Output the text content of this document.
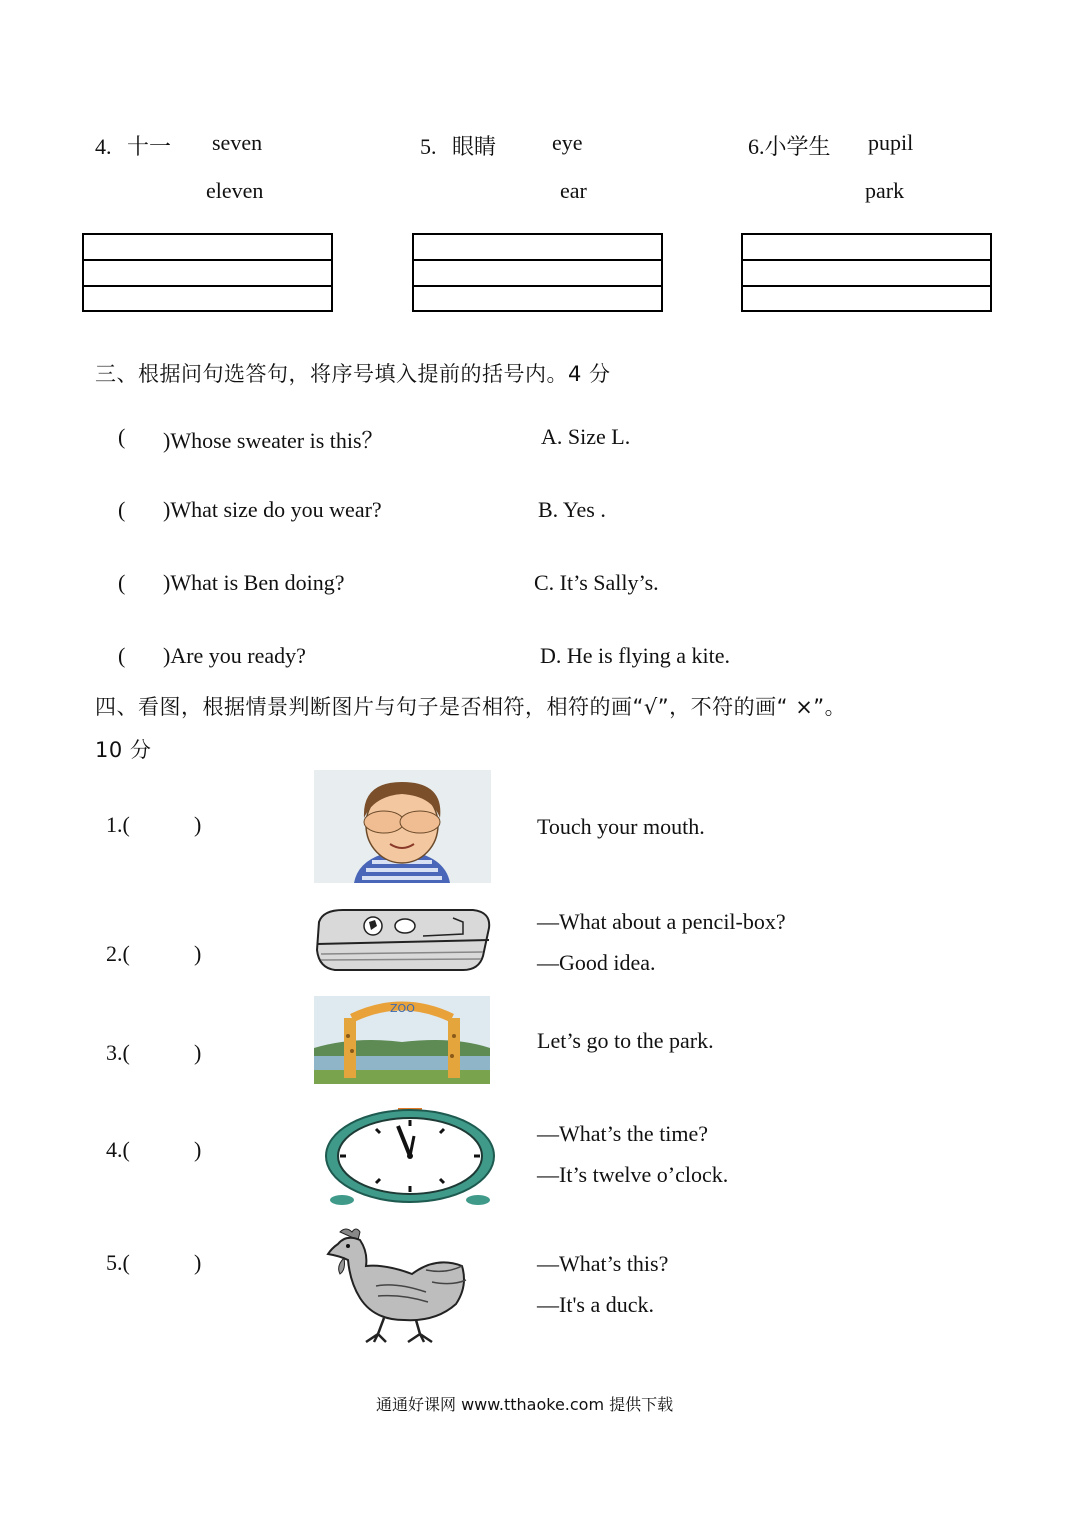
4. 十一 seven
eleven
5. 眼睛	eye
ear
6.小学生 pupil
park
三、根据问句选答句，将序号填入提前的括号内。4 分
( )Whose sweater is this？	A. Size L.
( )What size do you wear?	B. Yes .
( )What is Ben doing?	C. It’s Sally’s.
( )Are you ready?	D. He is flying a kite.
四、看图，根据情景判断图片与句子是否相符，相符的画“√”，不符的画“ ×”。
10 分
1.(	)	Touch your mouth.
2.(	)
—What about a pencil-box?
—Good idea.
3.(	)
ZOO
Let’s go to the park.
4.(	)
—What’s the time?
—It’s twelve o’clock.
5.(	)	—What’s this?
—It's a duck.
通通好课网 www.tthaoke.com 提供下载
